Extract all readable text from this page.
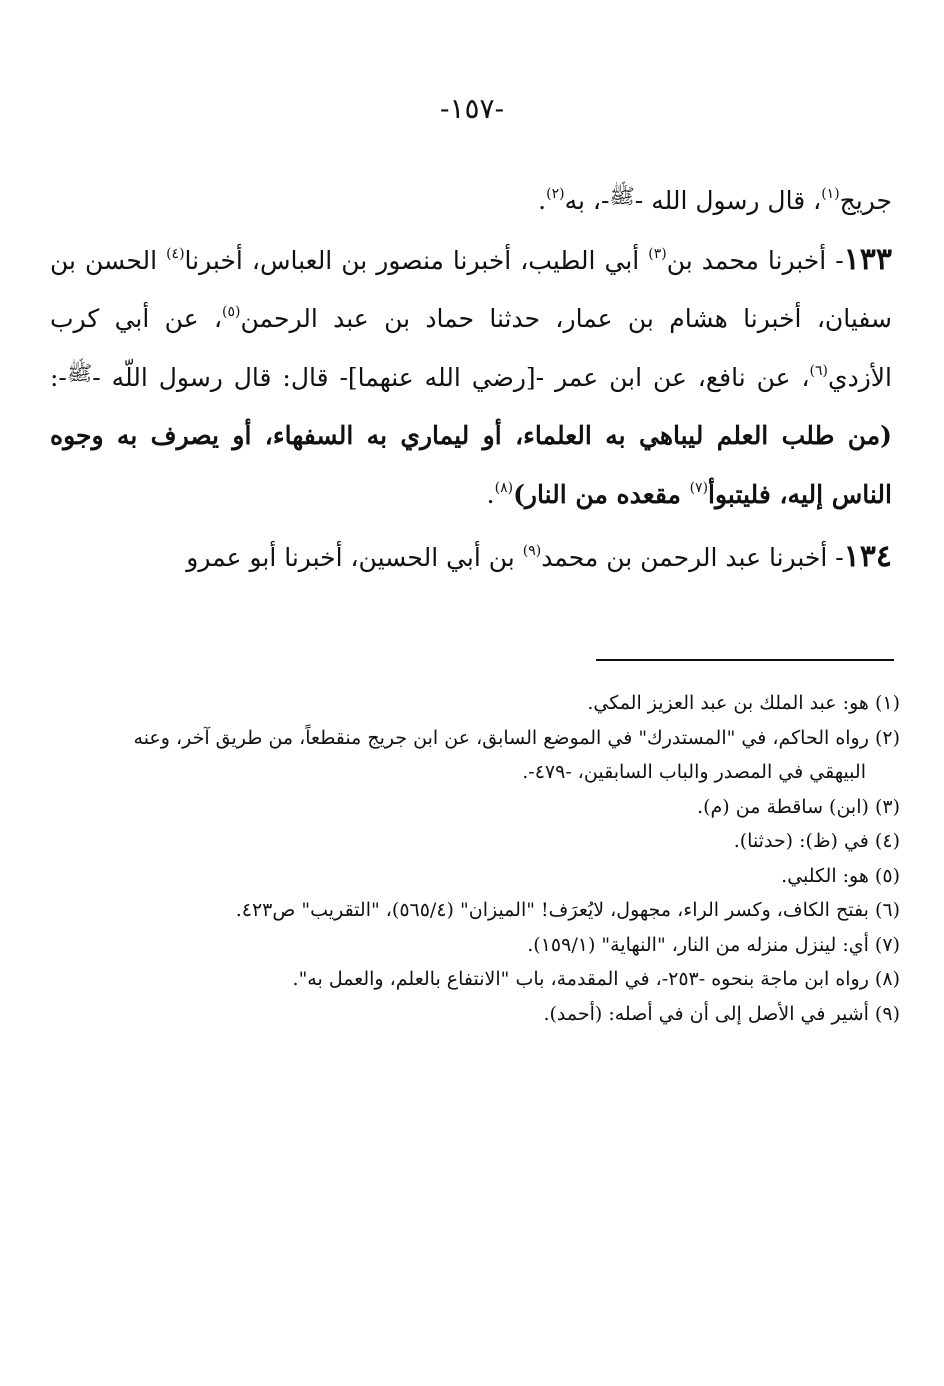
-١٥٧-

جريج$^{(١)}$، قال رسول الله -ﷺ-، به$^{(٢)}$.

١٣٣- أخبرنا محمد بن$^{(٣)}$ أبي الطيب، أخبرنا منصور بن العباس، أخبرنا$^{(٤)}$ الحسن بن سفيان، أخبرنا هشام بن عمار، حدثنا حماد بن عبد الرحمن$^{(٥)}$، عن أبي كرب الأزدي$^{(٦)}$، عن نافع، عن ابن عمر -[رضي الله عنهما]- قال: قال رسول اللّه -ﷺ-: (من طلب العلم ليباهي به العلماء، أو ليماري به السفهاء، أو يصرف به وجوه الناس إليه، فليتبوأ$^{(٧)}$ مقعده من النار)$^{(٨)}$.

١٣٤- أخبرنا عبد الرحمن بن محمد$^{(٩)}$ بن أبي الحسين، أخبرنا أبو عمرو

(١) هو: عبد الملك بن عبد العزيز المكي.

(٢) رواه الحاكم، في "المستدرك" في الموضع السابق، عن ابن جريج منقطعاً، من طريق آخر، وعنه

البيهقي في المصدر والباب السابقين، -٤٧٩-.

(٣) (ابن) ساقطة من (م).

(٤) في (ظ): (حدثنا).

(٥) هو: الكلبي.

(٦) بفتح الكاف، وكسر الراء، مجهول، لايُعرَف! "الميزان" (٥٦٥/٤)، "التقريب" ص٤٢٣.

(٧) أي: لينزل منزله من النار، "النهاية" (١٥٩/١).

(٨) رواه ابن ماجة بنحوه -٢٥٣-، في المقدمة، باب "الانتفاع بالعلم، والعمل به".

(٩) أشير في الأصل إلى أن في أصله: (أحمد).
